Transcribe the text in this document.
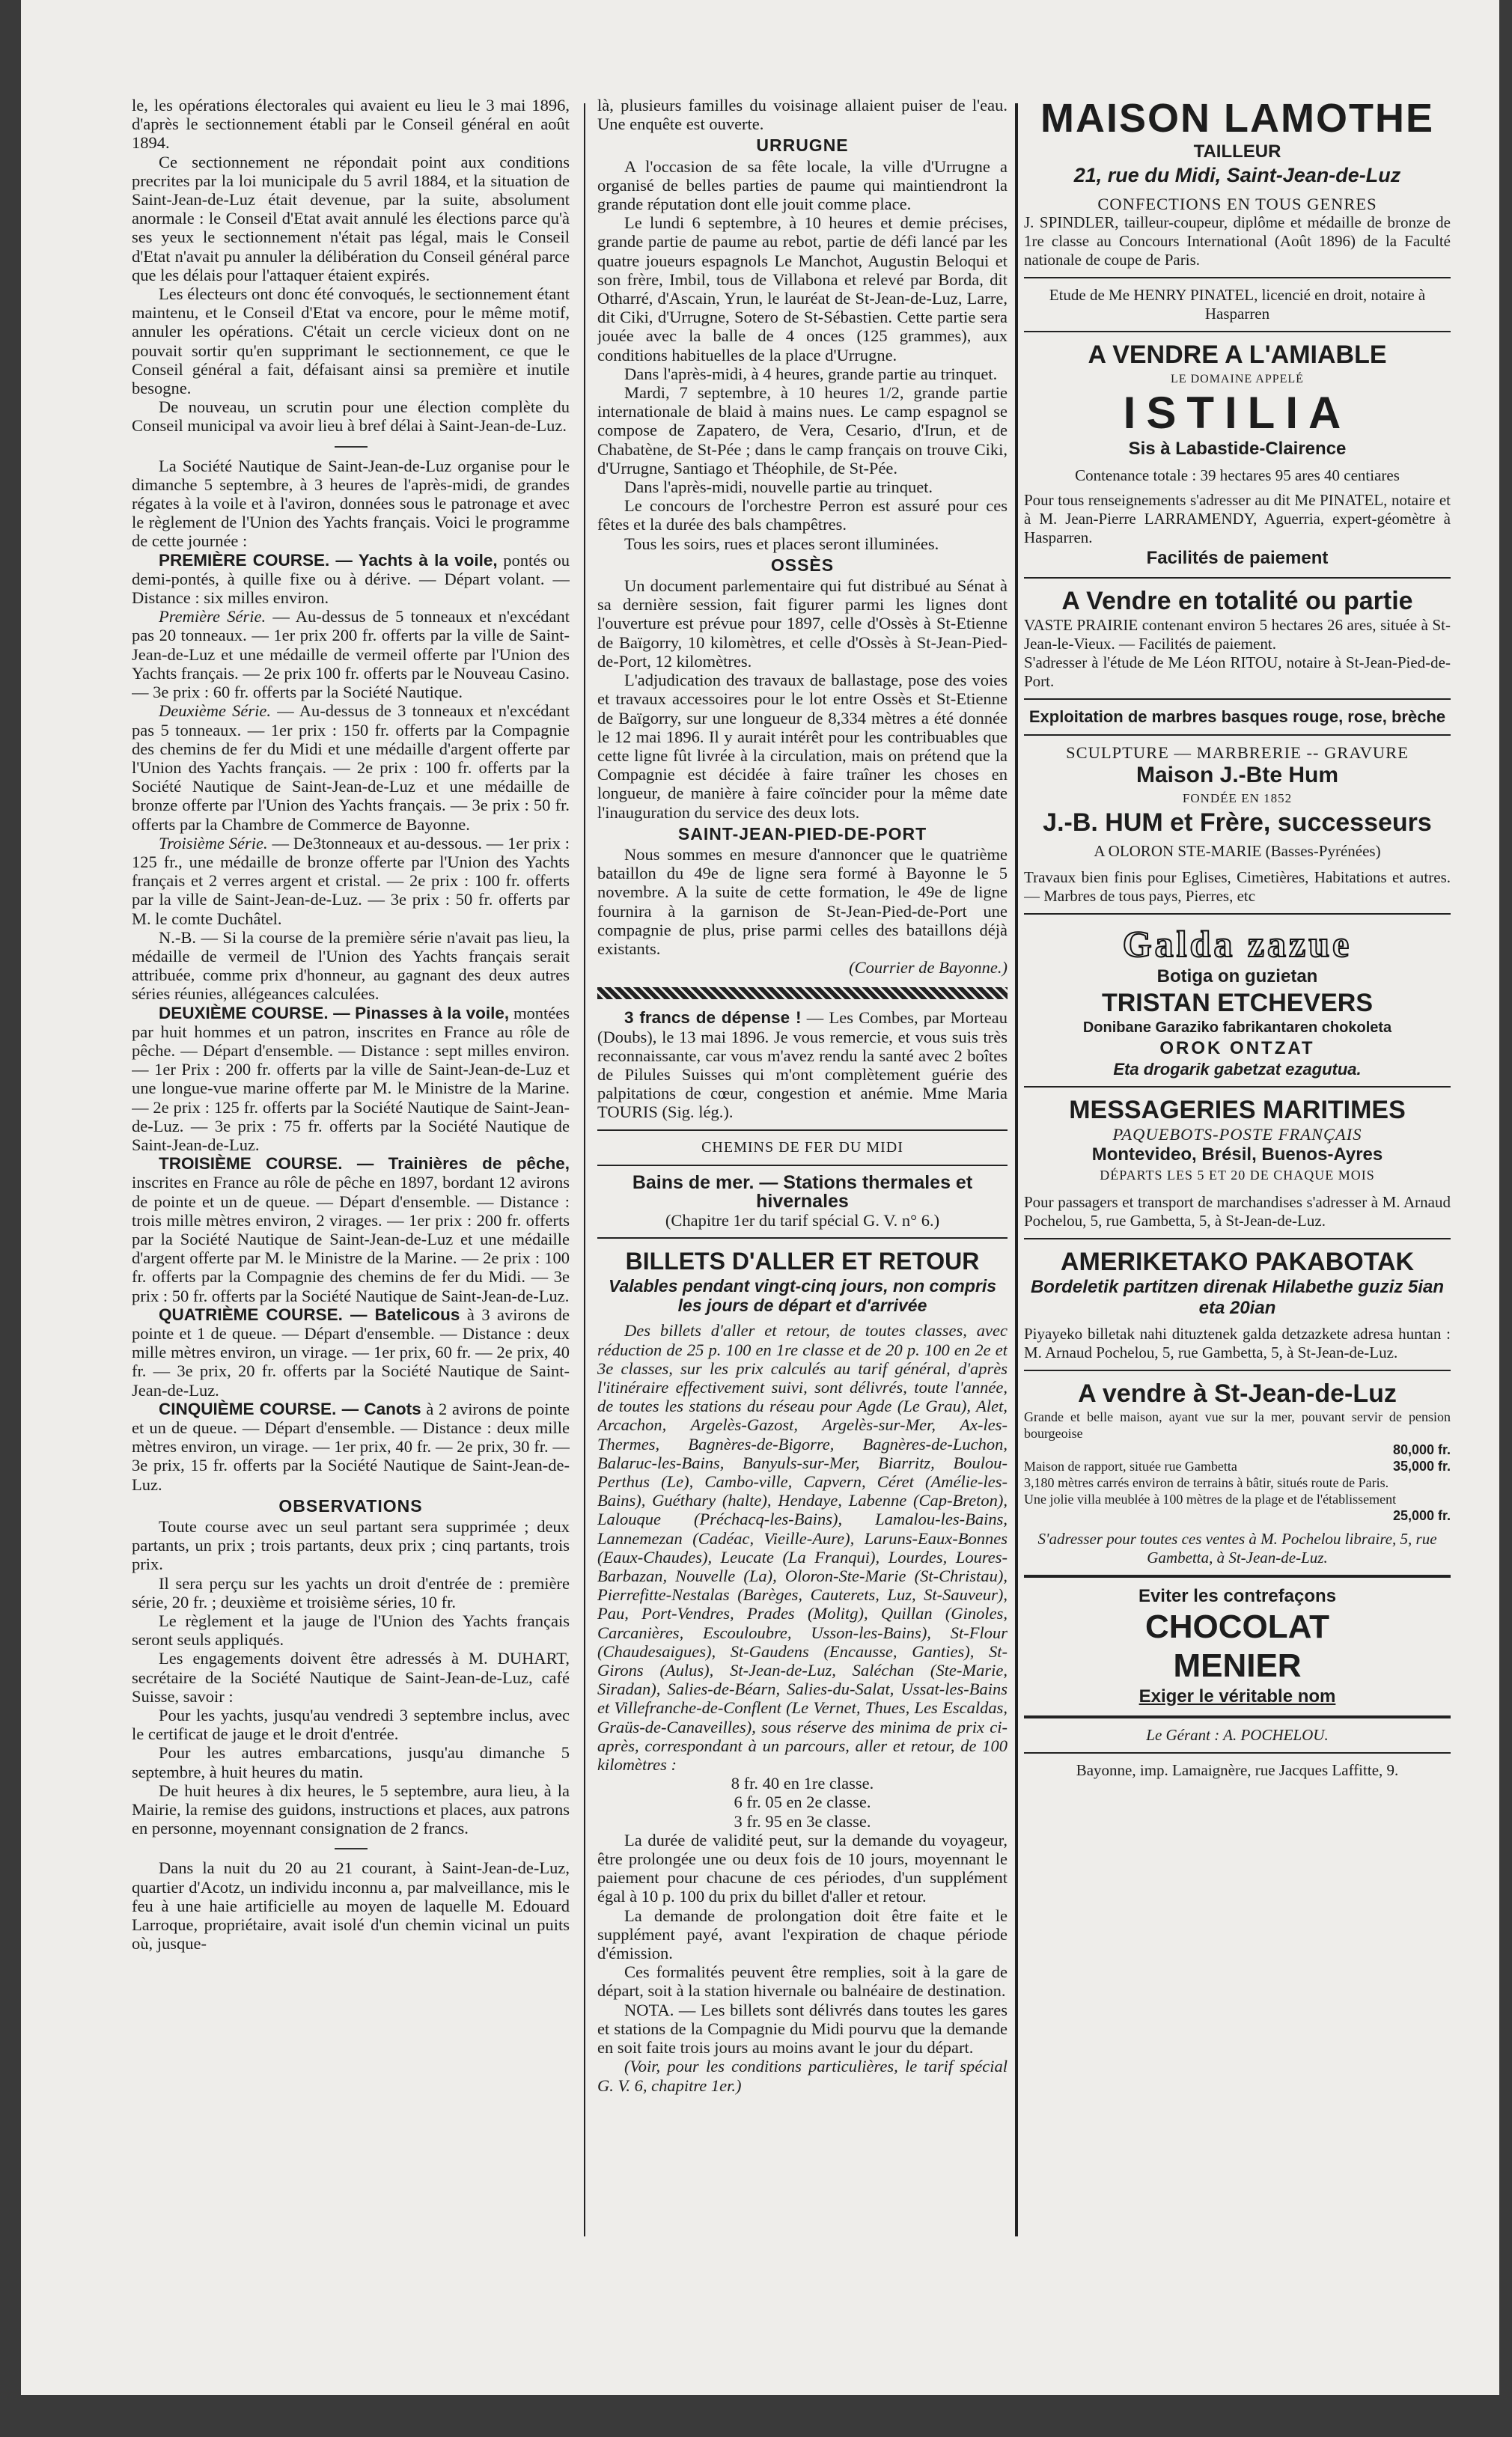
le, les opérations électorales qui avaient eu lieu le 3 mai 1896, d'après le sectionnement établi par le Conseil général en août 1894.

Ce sectionnement ne répondait point aux conditions precrites par la loi municipale du 5 avril 1884, et la situation de Saint-Jean-de-Luz était devenue, par la suite, absolument anormale : le Conseil d'Etat avait annulé les élections parce qu'à ses yeux le sectionnement n'était pas légal, mais le Conseil d'Etat n'avait pu annuler la délibération du Conseil général parce que les délais pour l'attaquer étaient expirés.

Les électeurs ont donc été convoqués, le sectionnement étant maintenu, et le Conseil d'Etat va encore, pour le même motif, annuler les opérations. C'était un cercle vicieux dont on ne pouvait sortir qu'en supprimant le sectionnement, ce que le Conseil général a fait, défaisant ainsi sa première et inutile besogne.

De nouveau, un scrutin pour une élection complète du Conseil municipal va avoir lieu à bref délai à Saint-Jean-de-Luz.

La Société Nautique de Saint-Jean-de-Luz organise pour le dimanche 5 septembre, à 3 heures de l'après-midi, de grandes régates à la voile et à l'aviron, données sous le patronage et avec le règlement de l'Union des Yachts français. Voici le programme de cette journée :

PREMIÈRE COURSE. — Yachts à la voile, pontés ou demi-pontés, à quille fixe ou à dérive. — Départ volant. — Distance : six milles environ.

Première Série. — Au-dessus de 5 tonneaux et n'excédant pas 20 tonneaux. — 1er prix 200 fr. offerts par la ville de Saint-Jean-de-Luz et une médaille de vermeil offerte par l'Union des Yachts français. — 2e prix 100 fr. offerts par le Nouveau Casino. — 3e prix : 60 fr. offerts par la Société Nautique.

Deuxième Série. — Au-dessus de 3 tonneaux et n'excédant pas 5 tonneaux. — 1er prix : 150 fr. offerts par la Compagnie des chemins de fer du Midi et une médaille d'argent offerte par l'Union des Yachts français. — 2e prix : 100 fr. offerts par la Société Nautique de Saint-Jean-de-Luz et une médaille de bronze offerte par l'Union des Yachts français. — 3e prix : 50 fr. offerts par la Chambre de Commerce de Bayonne.

Troisième Série. — De3tonneaux et au-dessous. — 1er prix : 125 fr., une médaille de bronze offerte par l'Union des Yachts français et 2 verres argent et cristal. — 2e prix : 100 fr. offerts par la ville de Saint-Jean-de-Luz. — 3e prix : 50 fr. offerts par M. le comte Duchâtel.

N.-B. — Si la course de la première série n'avait pas lieu, la médaille de vermeil de l'Union des Yachts français serait attribuée, comme prix d'honneur, au gagnant des deux autres séries réunies, allégeances calculées.

DEUXIÈME COURSE. — Pinasses à la voile, montées par huit hommes et un patron, inscrites en France au rôle de pêche. — Départ d'ensemble. — Distance : sept milles environ. — 1er Prix : 200 fr. offerts par la ville de Saint-Jean-de-Luz et une longue-vue marine offerte par M. le Ministre de la Marine. — 2e prix : 125 fr. offerts par la Société Nautique de Saint-Jean-de-Luz. — 3e prix : 75 fr. offerts par la Société Nautique de Saint-Jean-de-Luz.

TROISIÈME COURSE. — Trainières de pêche, inscrites en France au rôle de pêche en 1897, bordant 12 avirons de pointe et un de queue. — Départ d'ensemble. — Distance : trois mille mètres environ, 2 virages. — 1er prix : 200 fr. offerts par la Société Nautique de Saint-Jean-de-Luz et une médaille d'argent offerte par M. le Ministre de la Marine. — 2e prix : 100 fr. offerts par la Compagnie des chemins de fer du Midi. — 3e prix : 50 fr. offerts par la Société Nautique de Saint-Jean-de-Luz.

QUATRIÈME COURSE. — Batelicous à 3 avirons de pointe et 1 de queue. — Départ d'ensemble. — Distance : deux mille mètres environ, un virage. — 1er prix, 60 fr. — 2e prix, 40 fr. — 3e prix, 20 fr. offerts par la Société Nautique de Saint-Jean-de-Luz.

CINQUIÈME COURSE. — Canots à 2 avirons de pointe et un de queue. — Départ d'ensemble. — Distance : deux mille mètres environ, un virage. — 1er prix, 40 fr. — 2e prix, 30 fr. — 3e prix, 15 fr. offerts par la Société Nautique de Saint-Jean-de-Luz.

OBSERVATIONS

Toute course avec un seul partant sera supprimée ; deux partants, un prix ; trois partants, deux prix ; cinq partants, trois prix.

Il sera perçu sur les yachts un droit d'entrée de : première série, 20 fr. ; deuxième et troisième séries, 10 fr.

Le règlement et la jauge de l'Union des Yachts français seront seuls appliqués.

Les engagements doivent être adressés à M. DUHART, secrétaire de la Société Nautique de Saint-Jean-de-Luz, café Suisse, savoir :

Pour les yachts, jusqu'au vendredi 3 septembre inclus, avec le certificat de jauge et le droit d'entrée.

Pour les autres embarcations, jusqu'au dimanche 5 septembre, à huit heures du matin.

De huit heures à dix heures, le 5 septembre, aura lieu, à la Mairie, la remise des guidons, instructions et places, aux patrons en personne, moyennant consignation de 2 francs.

Dans la nuit du 20 au 21 courant, à Saint-Jean-de-Luz, quartier d'Acotz, un individu inconnu a, par malveillance, mis le feu à une haie artificielle au moyen de laquelle M. Edouard Larroque, propriétaire, avait isolé d'un chemin vicinal un puits où, jusque-

là, plusieurs familles du voisinage allaient puiser de l'eau. Une enquête est ouverte.

URRUGNE

A l'occasion de sa fête locale, la ville d'Urrugne a organisé de belles parties de paume qui maintiendront la grande réputation dont elle jouit comme place.

Le lundi 6 septembre, à 10 heures et demie précises, grande partie de paume au rebot, partie de défi lancé par les quatre joueurs espagnols Le Manchot, Augustin Beloqui et son frère, Imbil, tous de Villabona et relevé par Borda, dit Otharré, d'Ascain, Yrun, le lauréat de St-Jean-de-Luz, Larre, dit Ciki, d'Urrugne, Sotero de St-Sébastien. Cette partie sera jouée avec la balle de 4 onces (125 grammes), aux conditions habituelles de la place d'Urrugne.

Dans l'après-midi, à 4 heures, grande partie au trinquet.

Mardi, 7 septembre, à 10 heures 1/2, grande partie internationale de blaid à mains nues. Le camp espagnol se compose de Zapatero, de Vera, Cesario, d'Irun, et de Chabatène, de St-Pée ; dans le camp français on trouve Ciki, d'Urrugne, Santiago et Théophile, de St-Pée.

Dans l'après-midi, nouvelle partie au trinquet.

Le concours de l'orchestre Perron est assuré pour ces fêtes et la durée des bals champêtres.

Tous les soirs, rues et places seront illuminées.

OSSÈS

Un document parlementaire qui fut distribué au Sénat à sa dernière session, fait figurer parmi les lignes dont l'ouverture est prévue pour 1897, celle d'Ossès à St-Etienne de Baïgorry, 10 kilomètres, et celle d'Ossès à St-Jean-Pied-de-Port, 12 kilomètres.

L'adjudication des travaux de ballastage, pose des voies et travaux accessoires pour le lot entre Ossès et St-Etienne de Baïgorry, sur une longueur de 8,334 mètres a été donnée le 12 mai 1896. Il y aurait intérêt pour les contribuables que cette ligne fût livrée à la circulation, mais on prétend que la Compagnie est décidée à faire traîner les choses en longueur, de manière à faire coïncider pour la même date l'inauguration du service des deux lots.

SAINT-JEAN-PIED-DE-PORT

Nous sommes en mesure d'annoncer que le quatrième bataillon du 49e de ligne sera formé à Bayonne le 5 novembre. A la suite de cette formation, le 49e de ligne fournira à la garnison de St-Jean-Pied-de-Port une compagnie de plus, prise parmi celles des bataillons déjà existants.

(Courrier de Bayonne.)

3 francs de dépense ! — Les Combes, par Morteau (Doubs), le 13 mai 1896. Je vous remercie, et vous suis très reconnaissante, car vous m'avez rendu la santé avec 2 boîtes de Pilules Suisses qui m'ont complètement guérie des palpitations de cœur, congestion et anémie. Mme Maria TOURIS (Sig. lég.).

CHEMINS DE FER DU MIDI

Bains de mer. — Stations thermales et hivernales

(Chapitre 1er du tarif spécial G. V. n° 6.)

BILLETS D'ALLER ET RETOUR

Valables pendant vingt-cinq jours, non compris les jours de départ et d'arrivée

Des billets d'aller et retour, de toutes classes, avec réduction de 25 p. 100 en 1re classe et de 20 p. 100 en 2e et 3e classes, sur les prix calculés au tarif général, d'après l'itinéraire effectivement suivi, sont délivrés, toute l'année, de toutes les stations du réseau pour Agde (Le Grau), Alet, Arcachon, Argelès-Gazost, Argelès-sur-Mer, Ax-les-Thermes, Bagnères-de-Bigorre, Bagnères-de-Luchon, Balaruc-les-Bains, Banyuls-sur-Mer, Biarritz, Boulou-Perthus (Le), Cambo-ville, Capvern, Céret (Amélie-les-Bains), Guéthary (halte), Hendaye, Labenne (Cap-Breton), Lalouque (Préchacq-les-Bains), Lamalou-les-Bains, Lannemezan (Cadéac, Vieille-Aure), Laruns-Eaux-Bonnes (Eaux-Chaudes), Leucate (La Franqui), Lourdes, Loures-Barbazan, Nouvelle (La), Oloron-Ste-Marie (St-Christau), Pierrefitte-Nestalas (Barèges, Cauterets, Luz, St-Sauveur), Pau, Port-Vendres, Prades (Molitg), Quillan (Ginoles, Carcanières, Escouloubre, Usson-les-Bains), St-Flour (Chaudesaigues), St-Gaudens (Encausse, Ganties), St-Girons (Aulus), St-Jean-de-Luz, Saléchan (Ste-Marie, Siradan), Salies-de-Béarn, Salies-du-Salat, Ussat-les-Bains et Villefranche-de-Conflent (Le Vernet, Thues, Les Escaldas, Graüs-de-Canaveilles), sous réserve des minima de prix ci-après, correspondant à un parcours, aller et retour, de 100 kilomètres :

8 fr. 40 en 1re classe.

6 fr. 05 en 2e classe.

3 fr. 95 en 3e classe.

La durée de validité peut, sur la demande du voyageur, être prolongée une ou deux fois de 10 jours, moyennant le paiement pour chacune de ces périodes, d'un supplément égal à 10 p. 100 du prix du billet d'aller et retour.

La demande de prolongation doit être faite et le supplément payé, avant l'expiration de chaque période d'émission.

Ces formalités peuvent être remplies, soit à la gare de départ, soit à la station hivernale ou balnéaire de destination.

NOTA. — Les billets sont délivrés dans toutes les gares et stations de la Compagnie du Midi pourvu que la demande en soit faite trois jours au moins avant le jour du départ.

(Voir, pour les conditions particulières, le tarif spécial G. V. 6, chapitre 1er.)

MAISON LAMOTHE

TAILLEUR

21, rue du Midi, Saint-Jean-de-Luz

CONFECTIONS EN TOUS GENRES

J. SPINDLER, tailleur-coupeur, diplôme et médaille de bronze de 1re classe au Concours International (Août 1896) de la Faculté nationale de coupe de Paris.

Etude de Me HENRY PINATEL, licencié en droit, notaire à Hasparren

A VENDRE A L'AMIABLE

LE DOMAINE APPELÉ

ISTILIA

Sis à Labastide-Clairence

Contenance totale : 39 hectares 95 ares 40 centiares

Pour tous renseignements s'adresser au dit Me PINATEL, notaire et à M. Jean-Pierre LARRAMENDY, Aguerria, expert-géomètre à Hasparren.

Facilités de paiement

A Vendre en totalité ou partie

VASTE PRAIRIE contenant environ 5 hectares 26 ares, située à St-Jean-le-Vieux. — Facilités de paiement.

S'adresser à l'étude de Me Léon RITOU, notaire à St-Jean-Pied-de-Port.

Exploitation de marbres basques rouge, rose, brèche

SCULPTURE — MARBRERIE -- GRAVURE

Maison J.-Bte Hum

FONDÉE EN 1852

J.-B. HUM et Frère, successeurs

A OLORON STE-MARIE (Basses-Pyrénées)

Travaux bien finis pour Eglises, Cimetières, Habitations et autres. — Marbres de tous pays, Pierres, etc

Galda zazue

Botiga on guzietan

TRISTAN ETCHEVERS

Donibane Garaziko fabrikantaren chokoleta

OROK ONTZAT

Eta drogarik gabetzat ezagutua.

MESSAGERIES MARITIMES

PAQUEBOTS-POSTE FRANÇAIS

Montevideo, Brésil, Buenos-Ayres

DÉPARTS LES 5 ET 20 DE CHAQUE MOIS

Pour passagers et transport de marchandises s'adresser à M. Arnaud Pochelou, 5, rue Gambetta, 5, à St-Jean-de-Luz.

AMERIKETAKO PAKABOTAK

Bordeletik partitzen direnak Hilabethe guziz 5ian eta 20ian

Piyayeko billetak nahi dituztenek galda detzazkete adresa huntan : M. Arnaud Pochelou, 5, rue Gambetta, 5, à St-Jean-de-Luz.

A vendre à St-Jean-de-Luz

Grande et belle maison, ayant vue sur la mer, pouvant servir de pension bourgeoise
80,000 fr.
Maison de rapport, située rue Gambetta	35,000 fr.
3,180 mètres carrés environ de terrains à bâtir, situés route de Paris.
Une jolie villa meublée à 100 mètres de la plage et de l'établissement
25,000 fr.

S'adresser pour toutes ces ventes à M. Pochelou libraire, 5, rue Gambetta, à St-Jean-de-Luz.

Eviter les contrefaçons

CHOCOLAT

MENIER

Exiger le véritable nom

Le Gérant : A. POCHELOU.

Bayonne, imp. Lamaignère, rue Jacques Laffitte, 9.
